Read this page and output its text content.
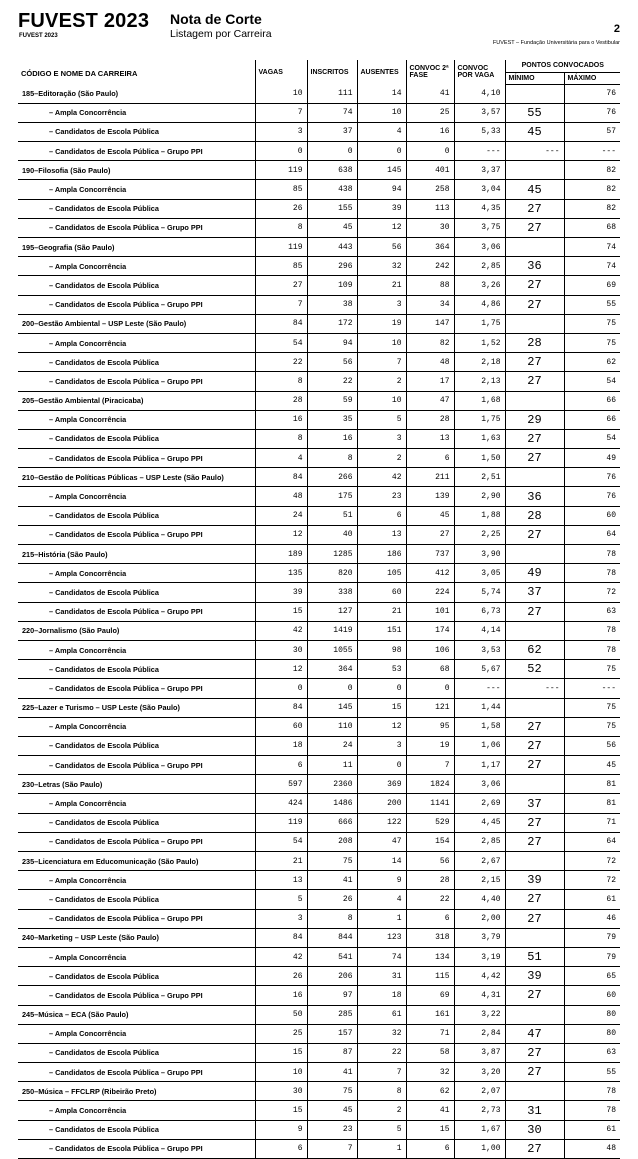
FUVEST 2023
FUVEST 2023
Nota de Corte
Listagem por Carreira	2
FUVEST – Fundação Universitária para o Vestibular
CÓDIGO E NOME DA CARREIRA	VAGAS	INSCRITOS	AUSENTES	CONVOC 2ª FASE	CONVOC POR VAGA	PONTOS CONVOCADOS	
						MÍNIMO	MÁXIMO
185–Editoração (São Paulo)	10	111	14	41	4,10		76
– Ampla Concorrência	7	74	10	25	3,57	55	76
– Candidatos de Escola Pública	3	37	4	16	5,33	45	57
– Candidatos de Escola Pública – Grupo PPI	0	0	0	0	---	---	---
190–Filosofia (São Paulo)	119	638	145	401	3,37		82
– Ampla Concorrência	85	438	94	258	3,04	45	82
– Candidatos de Escola Pública	26	155	39	113	4,35	27	82
– Candidatos de Escola Pública – Grupo PPI	8	45	12	30	3,75	27	68
195–Geografia (São Paulo)	119	443	56	364	3,06		74
– Ampla Concorrência	85	296	32	242	2,85	36	74
– Candidatos de Escola Pública	27	109	21	88	3,26	27	69
– Candidatos de Escola Pública – Grupo PPI	7	38	3	34	4,86	27	55
200–Gestão Ambiental – USP Leste (São Paulo)	84	172	19	147	1,75		75
– Ampla Concorrência	54	94	10	82	1,52	28	75
– Candidatos de Escola Pública	22	56	7	48	2,18	27	62
– Candidatos de Escola Pública – Grupo PPI	8	22	2	17	2,13	27	54
205–Gestão Ambiental (Piracicaba)	28	59	10	47	1,68		66
– Ampla Concorrência	16	35	5	28	1,75	29	66
– Candidatos de Escola Pública	8	16	3	13	1,63	27	54
– Candidatos de Escola Pública – Grupo PPI	4	8	2	6	1,50	27	49
210–Gestão de Políticas Públicas – USP Leste (São Paulo)	84	266	42	211	2,51		76
– Ampla Concorrência	48	175	23	139	2,90	36	76
– Candidatos de Escola Pública	24	51	6	45	1,88	28	60
– Candidatos de Escola Pública – Grupo PPI	12	40	13	27	2,25	27	64
215–História (São Paulo)	189	1285	186	737	3,90		78
– Ampla Concorrência	135	820	105	412	3,05	49	78
– Candidatos de Escola Pública	39	338	60	224	5,74	37	72
– Candidatos de Escola Pública – Grupo PPI	15	127	21	101	6,73	27	63
220–Jornalismo (São Paulo)	42	1419	151	174	4,14		78
– Ampla Concorrência	30	1055	98	106	3,53	62	78
– Candidatos de Escola Pública	12	364	53	68	5,67	52	75
– Candidatos de Escola Pública – Grupo PPI	0	0	0	0	---	---	---
225–Lazer e Turismo – USP Leste (São Paulo)	84	145	15	121	1,44		75
– Ampla Concorrência	60	110	12	95	1,58	27	75
– Candidatos de Escola Pública	18	24	3	19	1,06	27	56
– Candidatos de Escola Pública – Grupo PPI	6	11	0	7	1,17	27	45
230–Letras (São Paulo)	597	2360	369	1824	3,06		81
– Ampla Concorrência	424	1486	200	1141	2,69	37	81
– Candidatos de Escola Pública	119	666	122	529	4,45	27	71
– Candidatos de Escola Pública – Grupo PPI	54	208	47	154	2,85	27	64
235–Licenciatura em Educomunicação (São Paulo)	21	75	14	56	2,67		72
– Ampla Concorrência	13	41	9	28	2,15	39	72
– Candidatos de Escola Pública	5	26	4	22	4,40	27	61
– Candidatos de Escola Pública – Grupo PPI	3	8	1	6	2,00	27	46
240–Marketing – USP Leste (São Paulo)	84	844	123	318	3,79		79
– Ampla Concorrência	42	541	74	134	3,19	51	79
– Candidatos de Escola Pública	26	206	31	115	4,42	39	65
– Candidatos de Escola Pública – Grupo PPI	16	97	18	69	4,31	27	60
245–Música – ECA (São Paulo)	50	285	61	161	3,22		80
– Ampla Concorrência	25	157	32	71	2,84	47	80
– Candidatos de Escola Pública	15	87	22	58	3,87	27	63
– Candidatos de Escola Pública – Grupo PPI	10	41	7	32	3,20	27	55
250–Música – FFCLRP (Ribeirão Preto)	30	75	8	62	2,07		78
– Ampla Concorrência	15	45	2	41	2,73	31	78
– Candidatos de Escola Pública	9	23	5	15	1,67	30	61
– Candidatos de Escola Pública – Grupo PPI	6	7	1	6	1,00	27	48
